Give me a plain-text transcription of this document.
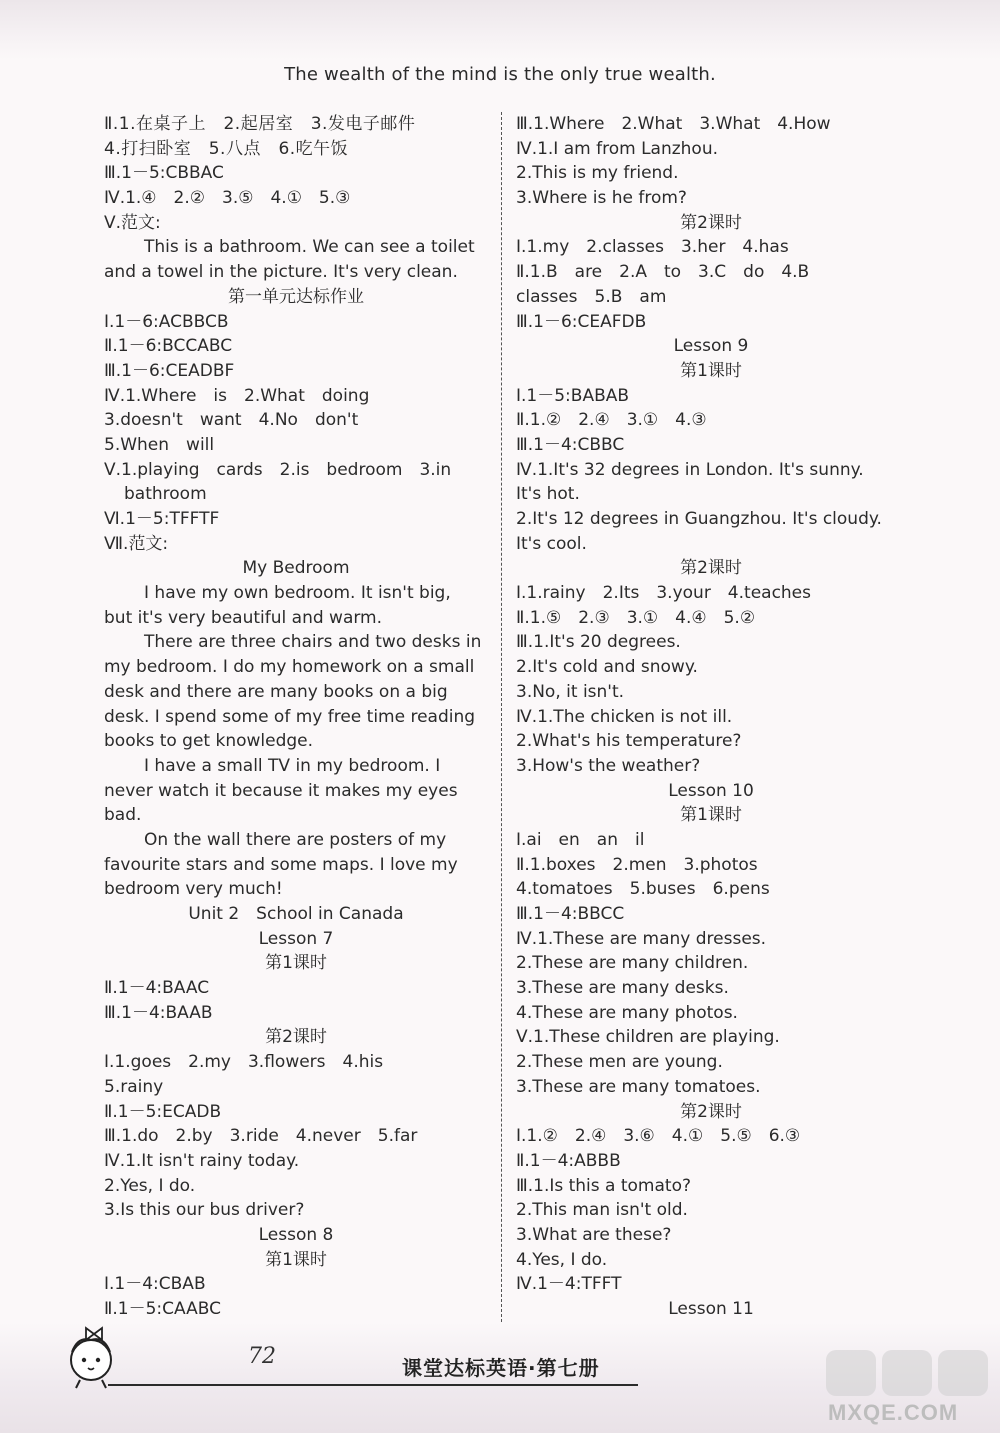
The wealth of the mind is the only true wealth.
Ⅱ.1.在桌子上　2.起居室　3.发电子邮件
4.打扫卧室　5.八点　6.吃午饭
Ⅲ.1－5:CBBAC
Ⅳ.1.④　2.②　3.⑤　4.①　5.③
Ⅴ.范文:
This is a bathroom. We can see a toilet
and a towel in the picture. It's very clean.
第一单元达标作业
Ⅰ.1－6:ACBBCB
Ⅱ.1－6:BCCABC
Ⅲ.1－6:CEADBF
Ⅳ.1.Where　is　2.What　doing
3.doesn't　want　4.No　don't
5.When　will
Ⅴ.1.playing　cards　2.is　bedroom　3.in
bathroom
Ⅵ.1－5:TFFTF
Ⅶ.范文:
My Bedroom
I have my own bedroom. It isn't big,
but it's very beautiful and warm.
There are three chairs and two desks in
my bedroom. I do my homework on a small
desk and there are many books on a big
desk. I spend some of my free time reading
books to get knowledge.
I have a small TV in my bedroom. I
never watch it because it makes my eyes
bad.
On the wall there are posters of my
favourite stars and some maps. I love my
bedroom very much!
Unit 2　School in Canada
Lesson 7
第1课时
Ⅱ.1－4:BAAC
Ⅲ.1－4:BAAB
第2课时
Ⅰ.1.goes　2.my　3.flowers　4.his
5.rainy
Ⅱ.1－5:ECADB
Ⅲ.1.do　2.by　3.ride　4.never　5.far
Ⅳ.1.It isn't rainy today.
2.Yes, I do.
3.Is this our bus driver?
Lesson 8
第1课时
Ⅰ.1－4:CBAB
Ⅱ.1－5:CAABC
Ⅲ.1.Where　2.What　3.What　4.How
Ⅳ.1.I am from Lanzhou.
2.This is my friend.
3.Where is he from?
第2课时
Ⅰ.1.my　2.classes　3.her　4.has
Ⅱ.1.B　are　2.A　to　3.C　do　4.B
classes　5.B　am
Ⅲ.1－6:CEAFDB
Lesson 9
第1课时
Ⅰ.1－5:BABAB
Ⅱ.1.②　2.④　3.①　4.③
Ⅲ.1－4:CBBC
Ⅳ.1.It's 32 degrees in London. It's sunny.
It's hot.
2.It's 12 degrees in Guangzhou. It's cloudy.
It's cool.
第2课时
Ⅰ.1.rainy　2.Its　3.your　4.teaches
Ⅱ.1.⑤　2.③　3.①　4.④　5.②
Ⅲ.1.It's 20 degrees.
2.It's cold and snowy.
3.No, it isn't.
Ⅳ.1.The chicken is not ill.
2.What's his temperature?
3.How's the weather?
Lesson 10
第1课时
Ⅰ.ai　en　an　il
Ⅱ.1.boxes　2.men　3.photos
4.tomatoes　5.buses　6.pens
Ⅲ.1－4:BBCC
Ⅳ.1.These are many dresses.
2.These are many children.
3.These are many desks.
4.These are many photos.
Ⅴ.1.These children are playing.
2.These men are young.
3.These are many tomatoes.
第2课时
Ⅰ.1.②　2.④　3.⑥　4.①　5.⑤　6.③
Ⅱ.1－4:ABBB
Ⅲ.1.Is this a tomato?
2.This man isn't old.
3.What are these?
4.Yes, I do.
Ⅳ.1－4:TFFT
Lesson 11
72	课堂达标英语·第七册
MXQE.COM
